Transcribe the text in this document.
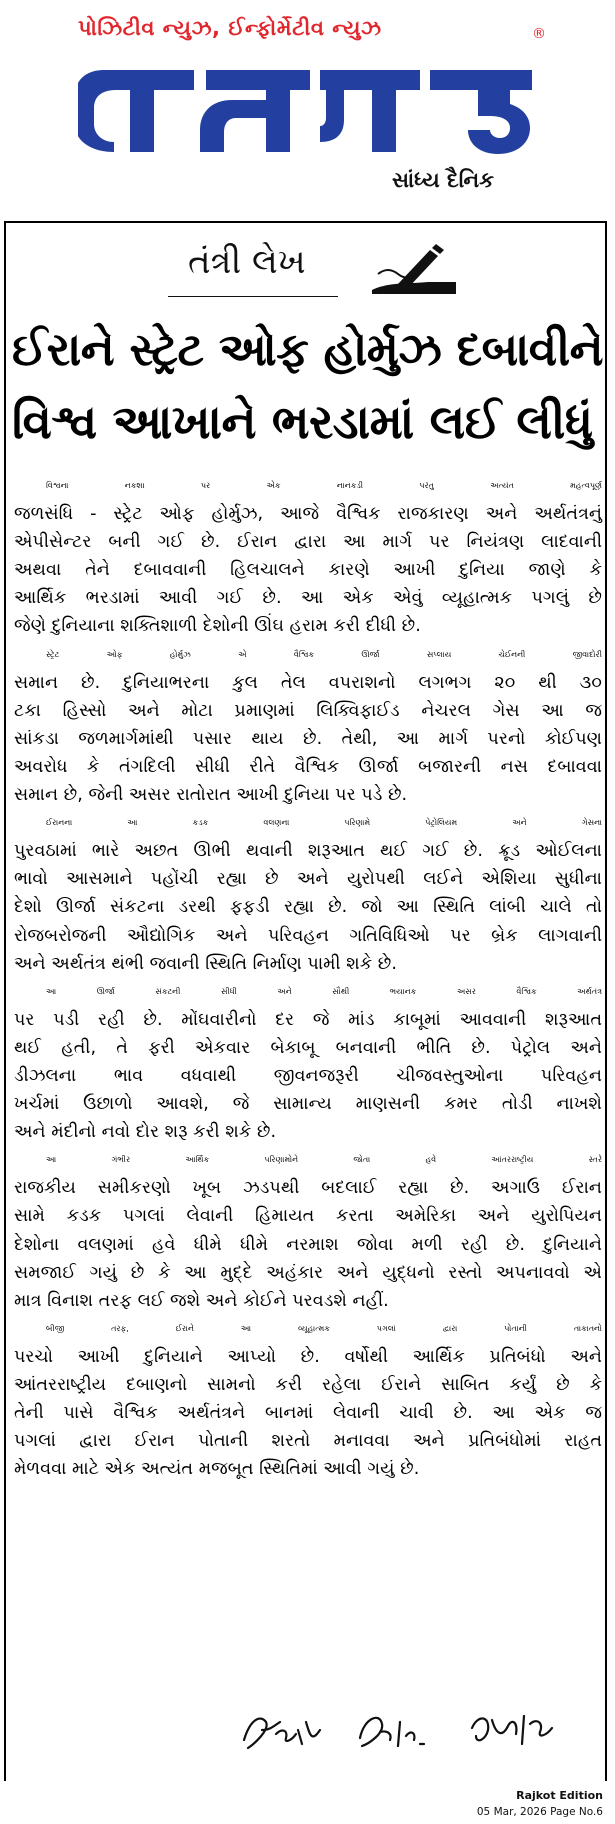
પોઝિટીવ ન્યુઝ, ઈન્ફોર્મેટીવ ન્યુઝ	®
સાંધ્ય દૈનિક
તંત્રી લેખ
ઈરાને સ્ટ્રેટ ઓફ હોર્મુઝ દબાવીને
વિશ્વ આખાને ભરડામાં લઈ લીધું

વિશ્વના નકશા પર એક નાનકડી પરંતુ અત્યંત મહત્વપૂર્ણ
જળસંધિ - સ્ટ્રેટ ઓફ હોર્મુઝ, આજે વૈશ્વિક રાજકારણ અને અર્થતંત્રનું
એપીસેન્ટર બની ગઈ છે. ઈરાન દ્વારા આ માર્ગ પર નિયંત્રણ લાદવાની
અથવા તેને દબાવવાની હિલચાલને કારણે આખી દુનિયા જાણે કે
આર્થિક ભરડામાં આવી ગઈ છે. આ એક એવું વ્યૂહાત્મક પગલું છે
જેણે દુનિયાના શક્તિશાળી દેશોની ઊંઘ હરામ કરી દીધી છે.

સ્ટ્રેટ ઓફ હોર્મુઝ એ વૈશ્વિક ઊર્જા સપ્લાય ચેઈનની જીવાદોરી
સમાન છે. દુનિયાભરના કુલ તેલ વપરાશનો લગભગ ૨૦ થી ૩૦
ટકા હિસ્સો અને મોટા પ્રમાણમાં લિક્વિફાઈડ નેચરલ ગેસ આ જ
સાંકડા જળમાર્ગમાંથી પસાર થાય છે. તેથી, આ માર્ગ પરનો કોઈપણ
અવરોધ કે તંગદિલી સીધી રીતે વૈશ્વિક ઊર્જા બજારની નસ દબાવવા
સમાન છે, જેની અસર રાતોરાત આખી દુનિયા પર પડે છે.

ઈરાનના આ કડક વલણના પરિણામે પેટ્રોલિયમ અને ગેસના
પુરવઠામાં ભારે અછત ઊભી થવાની શરૂઆત થઈ ગઈ છે. ક્રૂડ ઓઈલના
ભાવો આસમાને પહોંચી રહ્યા છે અને યુરોપથી લઈને એશિયા સુધીના
દેશો ઊર્જા સંકટના ડરથી ફફડી રહ્યા છે. જો આ સ્થિતિ લાંબી ચાલે તો
રોજબરોજની ઔદ્યોગિક અને પરિવહન ગતિવિધિઓ પર બ્રેક લાગવાની
અને અર્થતંત્ર થંભી જવાની સ્થિતિ નિર્માણ પામી શકે છે.

આ ઊર્જા સંકટની સીધી અને સૌથી ભયાનક અસર વૈશ્વિક અર્થતંત્ર
પર પડી રહી છે. મોંઘવારીનો દર જે માંડ કાબૂમાં આવવાની શરૂઆત
થઈ હતી, તે ફરી એકવાર બેકાબૂ બનવાની ભીતિ છે. પેટ્રોલ અને
ડીઝલના ભાવ વધવાથી જીવનજરૂરી ચીજવસ્તુઓના પરિવહન
ખર્ચમાં ઉછાળો આવશે, જે સામાન્ય માણસની કમર તોડી નાખશે
અને મંદીનો નવો દોર શરૂ કરી શકે છે.

આ ગંભીર આર્થિક પરિણામોને જોતા હવે આંતરરાષ્ટ્રીય સ્તરે
રાજકીય સમીકરણો ખૂબ ઝડપથી બદલાઈ રહ્યા છે. અગાઉ ઈરાન
સામે કડક પગલાં લેવાની હિમાયત કરતા અમેરિકા અને યુરોપિયન
દેશોના વલણમાં હવે ધીમે ધીમે નરમાશ જોવા મળી રહી છે. દુનિયાને
સમજાઈ ગયું છે કે આ મુદ્દે અહંકાર અને યુદ્ધનો રસ્તો અપનાવવો એ
માત્ર વિનાશ તરફ લઈ જશે અને કોઈને પરવડશે નહીં.

બીજી તરફ, ઈરાને આ વ્યૂહાત્મક પગલાં દ્વારા પોતાની તાકાતનો
પરચો આખી દુનિયાને આપ્યો છે. વર્ષોથી આર્થિક પ્રતિબંધો અને
આંતરરાષ્ટ્રીય દબાણનો સામનો કરી રહેલા ઈરાને સાબિત કર્યું છે કે
તેની પાસે વૈશ્વિક અર્થતંત્રને બાનમાં લેવાની ચાવી છે. આ એક જ
પગલાં દ્વારા ઈરાન પોતાની શરતો મનાવવા અને પ્રતિબંધોમાં રાહત
મેળવવા માટે એક અત્યંત મજબૂત સ્થિતિમાં આવી ગયું છે.

Rajkot Edition
05 Mar, 2026 Page No.6
